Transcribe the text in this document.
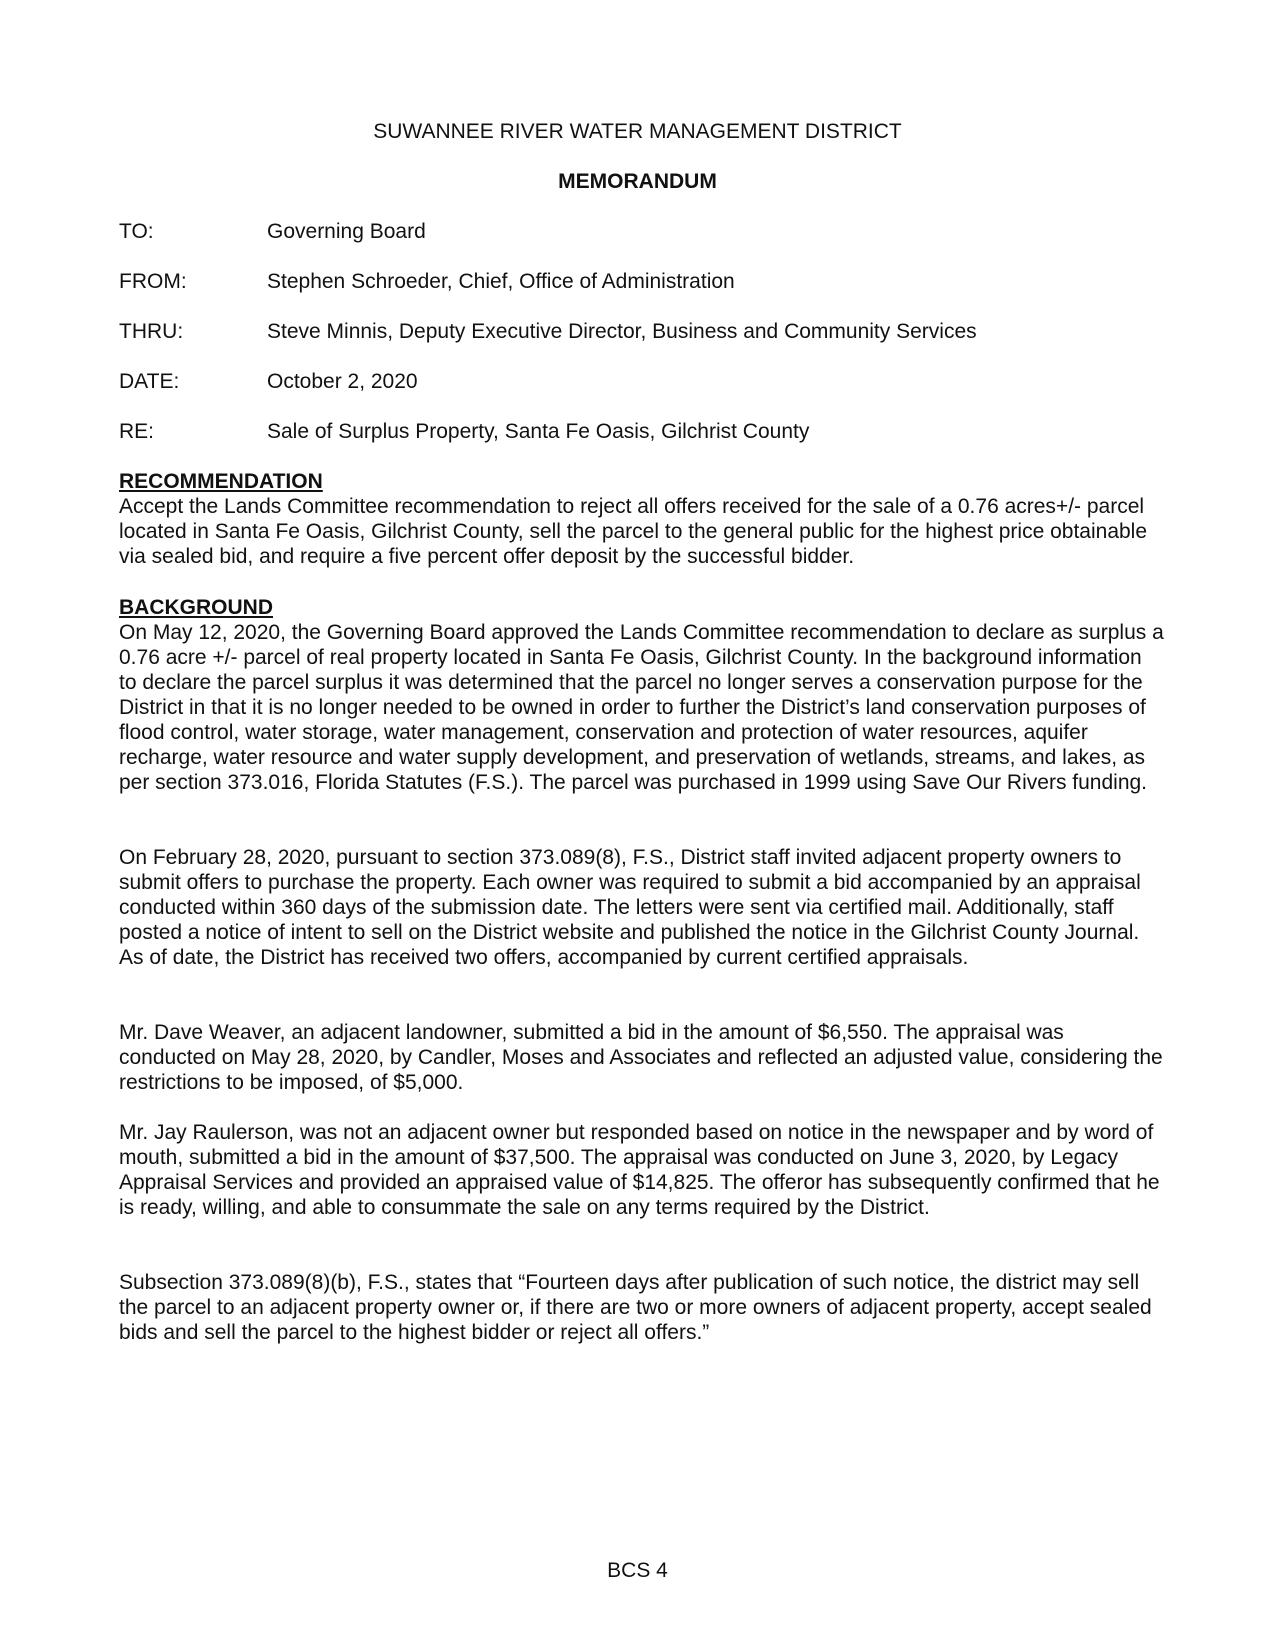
SUWANNEE RIVER WATER MANAGEMENT DISTRICT
MEMORANDUM
TO:	Governing Board
FROM:	Stephen Schroeder, Chief, Office of Administration
THRU:	Steve Minnis, Deputy Executive Director, Business and Community Services
DATE:	October 2, 2020
RE:	Sale of Surplus Property, Santa Fe Oasis, Gilchrist County

RECOMMENDATION

Accept the Lands Committee recommendation to reject all offers received for the sale of a 0.76 acres+/- parcel located in Santa Fe Oasis, Gilchrist County, sell the parcel to the general public for the highest price obtainable via sealed bid, and require a five percent offer deposit by the successful bidder.

BACKGROUND

On May 12, 2020, the Governing Board approved the Lands Committee recommendation to declare as surplus a 0.76 acre +/- parcel of real property located in Santa Fe Oasis, Gilchrist County. In the background information to declare the parcel surplus it was determined that the parcel no longer serves a conservation purpose for the District in that it is no longer needed to be owned in order to further the District’s land conservation purposes of flood control, water storage, water management, conservation and protection of water resources, aquifer recharge, water resource and water supply development, and preservation of wetlands, streams, and lakes, as per section 373.016, Florida Statutes (F.S.). The parcel was purchased in 1999 using Save Our Rivers funding.

On February 28, 2020, pursuant to section 373.089(8), F.S., District staff invited adjacent property owners to submit offers to purchase the property. Each owner was required to submit a bid accompanied by an appraisal conducted within 360 days of the submission date. The letters were sent via certified mail. Additionally, staff posted a notice of intent to sell on the District website and published the notice in the Gilchrist County Journal. As of date, the District has received two offers, accompanied by current certified appraisals.

Mr. Dave Weaver, an adjacent landowner, submitted a bid in the amount of $6,550. The appraisal was conducted on May 28, 2020, by Candler, Moses and Associates and reflected an adjusted value, considering the restrictions to be imposed, of $5,000.

Mr. Jay Raulerson, was not an adjacent owner but responded based on notice in the newspaper and by word of mouth, submitted a bid in the amount of $37,500. The appraisal was conducted on June 3, 2020, by Legacy Appraisal Services and provided an appraised value of $14,825. The offeror has subsequently confirmed that he is ready, willing, and able to consummate the sale on any terms required by the District.

Subsection 373.089(8)(b), F.S., states that “Fourteen days after publication of such notice, the district may sell the parcel to an adjacent property owner or, if there are two or more owners of adjacent property, accept sealed bids and sell the parcel to the highest bidder or reject all offers.”

BCS 4
